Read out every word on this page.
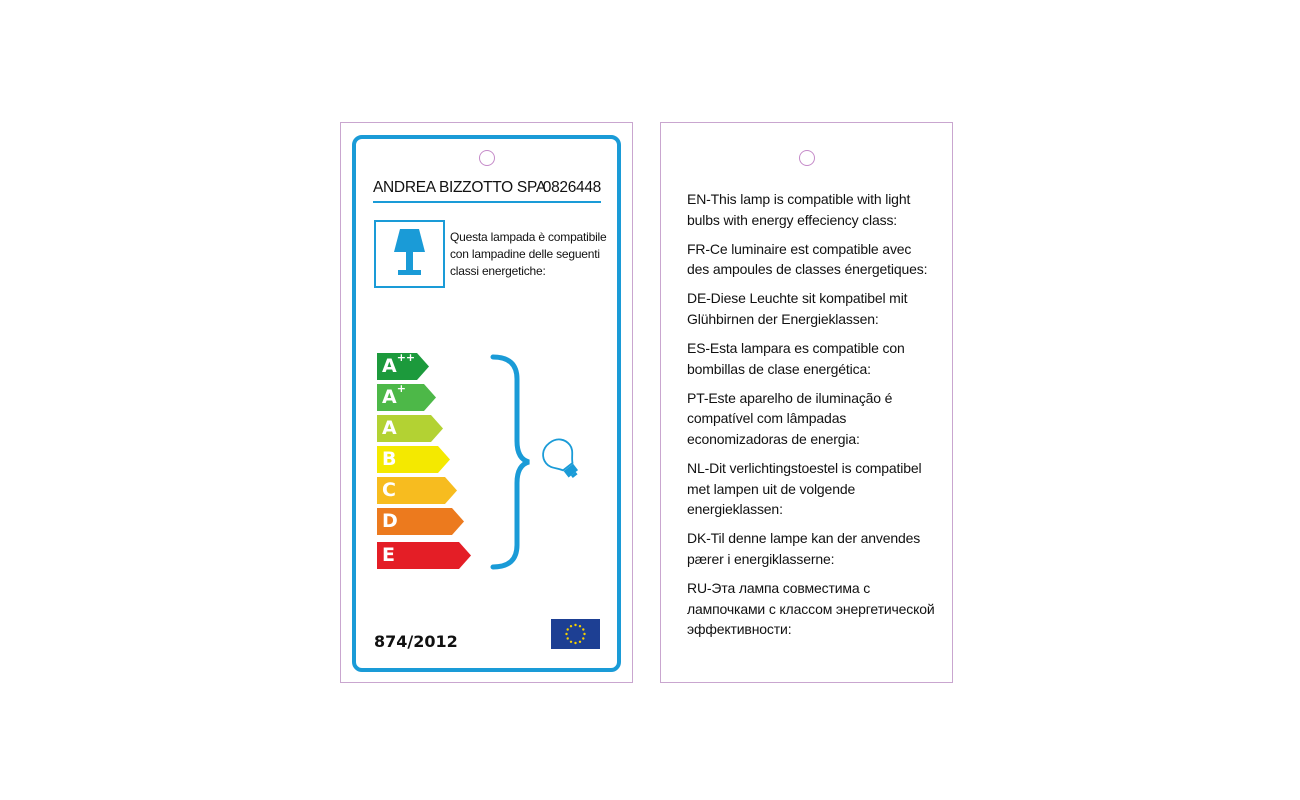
ANDREA BIZZOTTO SPA
0826448
Questa lampada è compatibile con lampadine delle seguenti classi energetiche:
A++
A+
A
B
C
D
E
874/2012
EN-This lamp is compatible with light bulbs with energy effeciency class:
FR-Ce luminaire est compatible avec des ampoules de classes énergetiques:
DE-Diese Leuchte sit kompatibel mit Glühbirnen der Energieklassen:
ES-Esta lampara es compatible con bombillas de clase energética:
PT-Este aparelho de iluminação é compatível com lâmpadas economizadoras de energia:
NL-Dit verlichtingstoestel is compatibel met lampen uit de volgende energieklassen:
DK-Til denne lampe kan der anvendes pærer i energiklasserne:
RU-Эта лампа совместима с лампочками с классом энергетической эффективности:
